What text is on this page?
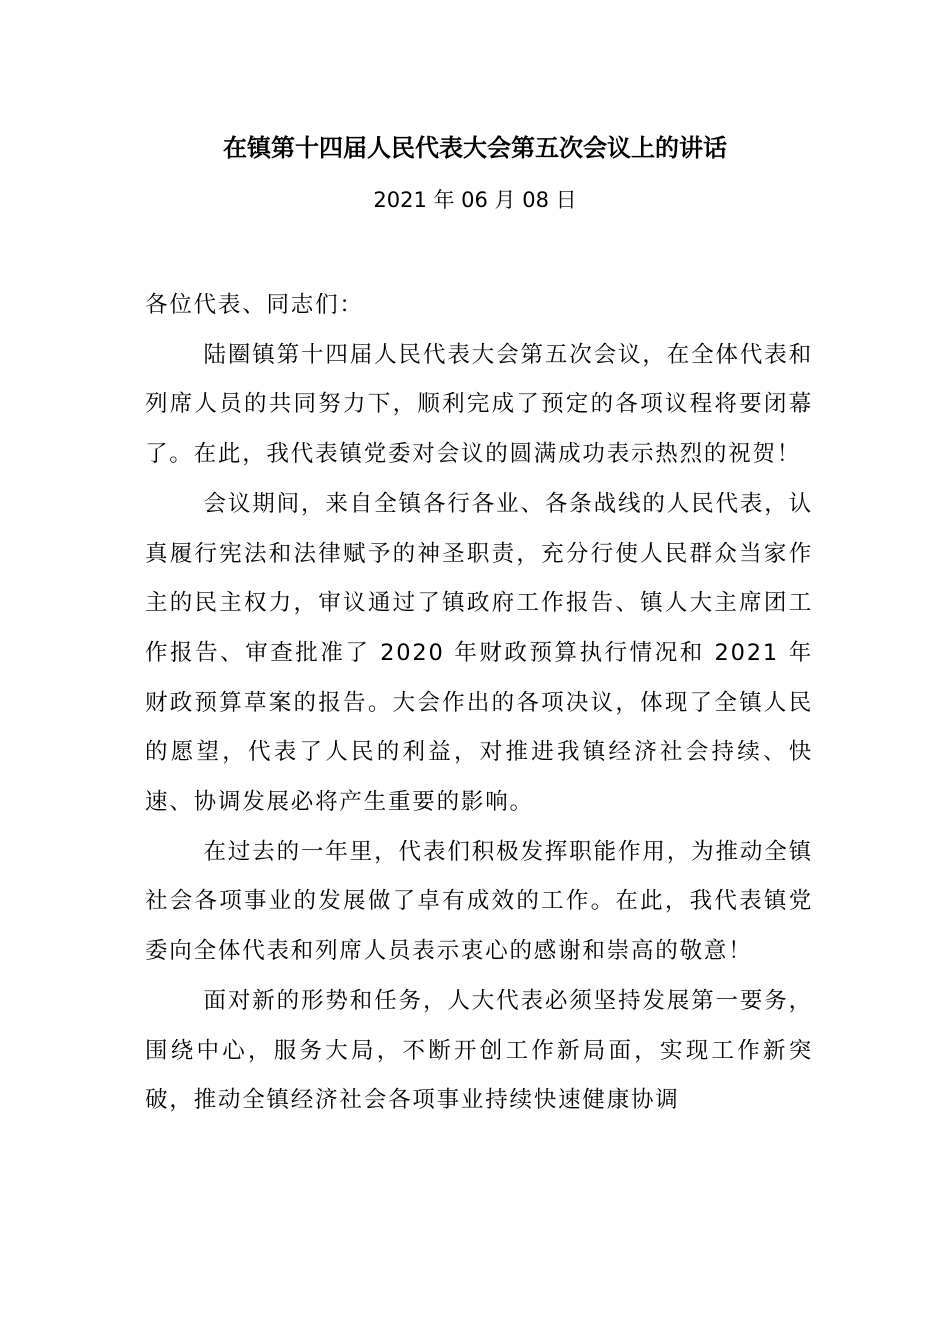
在镇第十四届人民代表大会第五次会议上的讲话
2021 年 06 月 08 日

各位代表、同志们：

陆圈镇第十四届人民代表大会第五次会议，在全体代表和列席人员的共同努力下，顺利完成了预定的各项议程将要闭幕了。在此，我代表镇党委对会议的圆满成功表示热烈的祝贺！

会议期间，来自全镇各行各业、各条战线的人民代表，认真履行宪法和法律赋予的神圣职责，充分行使人民群众当家作主的民主权力，审议通过了镇政府工作报告、镇人大主席团工作报告、审查批准了 2020 年财政预算执行情况和 2021 年财政预算草案的报告。大会作出的各项决议，体现了全镇人民的愿望，代表了人民的利益，对推进我镇经济社会持续、快速、协调发展必将产生重要的影响。

在过去的一年里，代表们积极发挥职能作用，为推动全镇社会各项事业的发展做了卓有成效的工作。在此，我代表镇党委向全体代表和列席人员表示衷心的感谢和崇高的敬意！

面对新的形势和任务，人大代表必须坚持发展第一要务，围绕中心，服务大局，不断开创工作新局面，实现工作新突破，推动全镇经济社会各项事业持续快速健康协调
